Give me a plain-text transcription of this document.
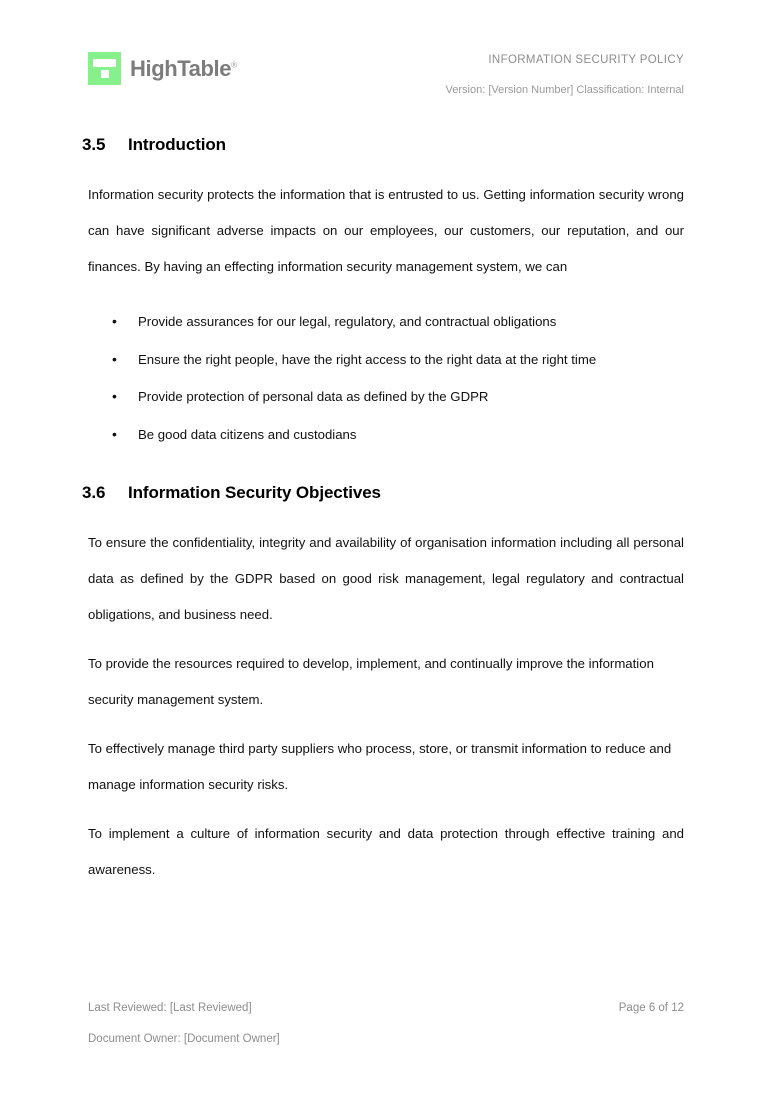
HighTable®	INFORMATION SECURITY POLICY
Version: [Version Number] Classification: Internal
3.5	Introduction

Information security protects the information that is entrusted to us. Getting information security wrong can have significant adverse impacts on our employees, our customers, our reputation, and our finances. By having an effecting information security management system, we can

• Provide assurances for our legal, regulatory, and contractual obligations
• Ensure the right people, have the right access to the right data at the right time
• Provide protection of personal data as defined by the GDPR
• Be good data citizens and custodians
3.6	Information Security Objectives

To ensure the confidentiality, integrity and availability of organisation information including all personal data as defined by the GDPR based on good risk management, legal regulatory and contractual obligations, and business need.

To provide the resources required to develop, implement, and continually improve the information security management system.

To effectively manage third party suppliers who process, store, or transmit information to reduce and manage information security risks.

To implement a culture of information security and data protection through effective training and awareness.

Last Reviewed: [Last Reviewed]	Page 6 of 12
Document Owner: [Document Owner]
